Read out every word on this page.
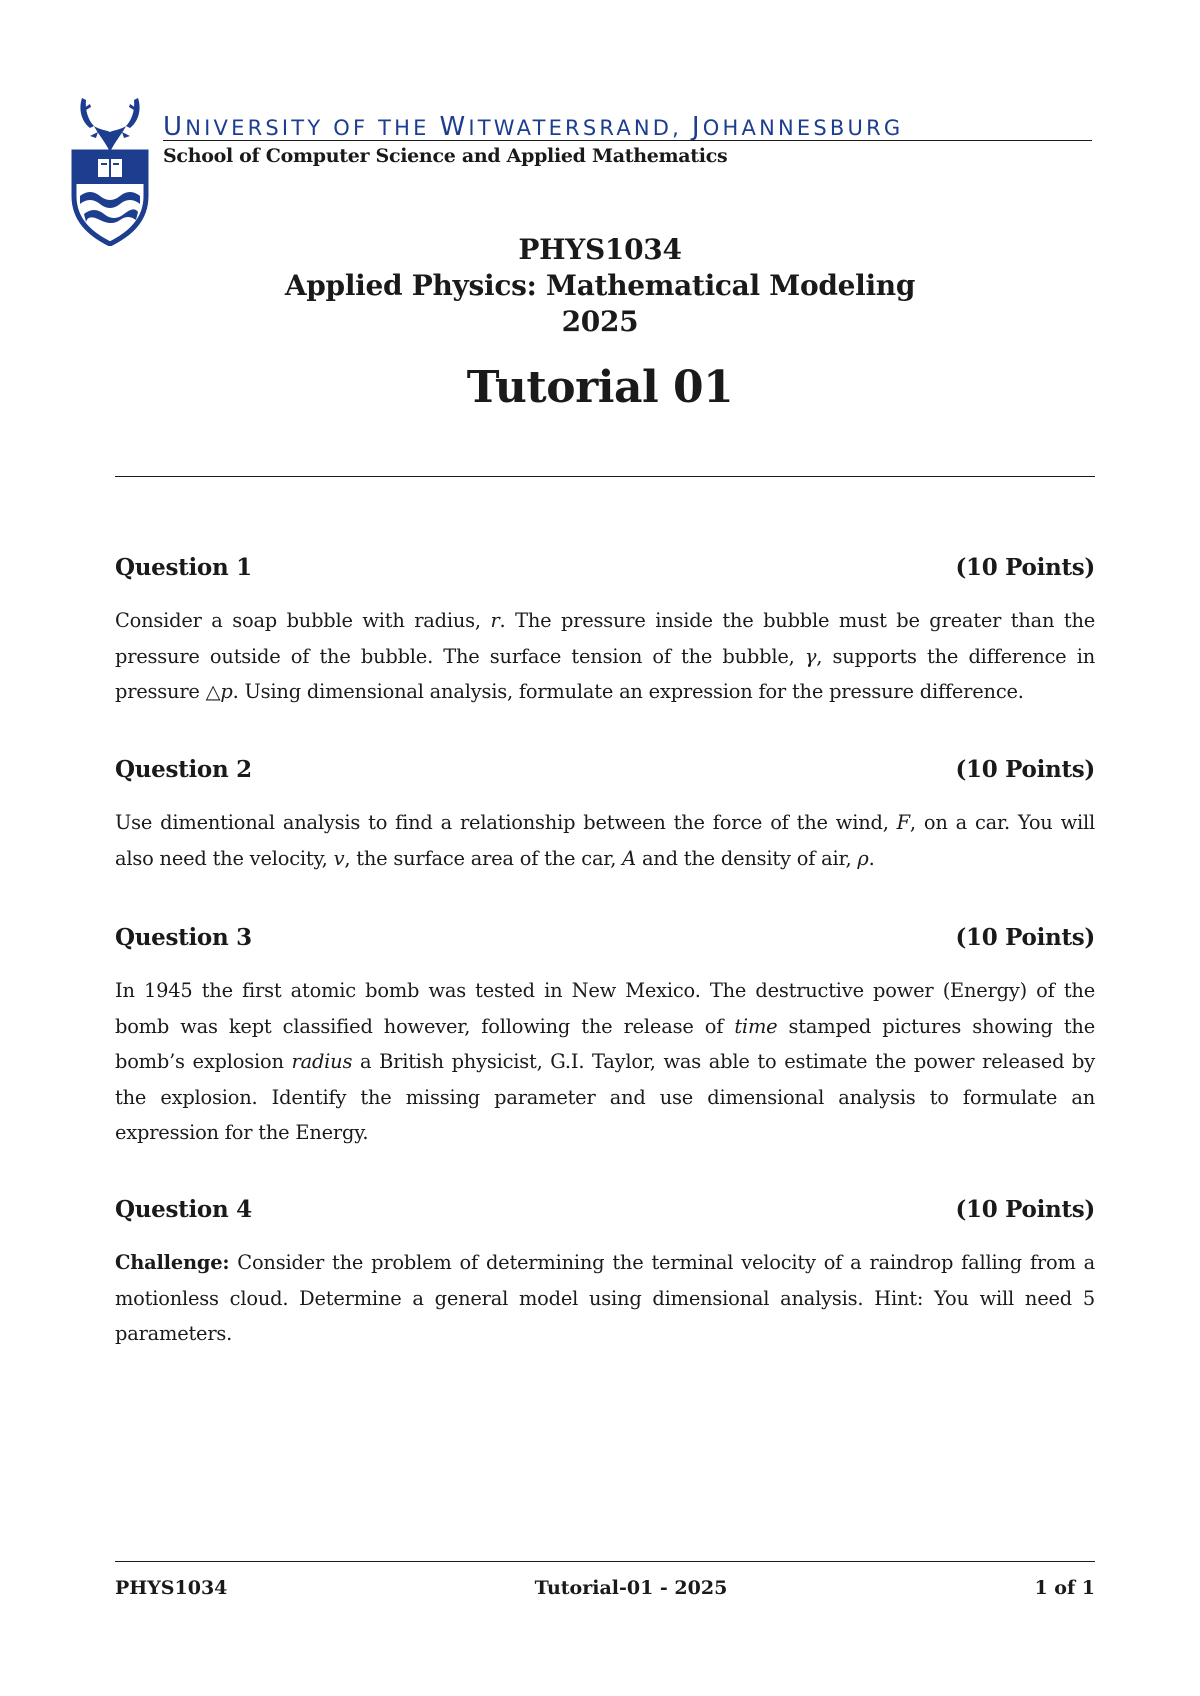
UNIVERSITY OF THE WITWATERSRAND, JOHANNESBURG
School of Computer Science and Applied Mathematics
PHYS1034
Applied Physics: Mathematical Modeling
2025
Tutorial 01
Question 1	(10 Points)
Consider a soap bubble with radius, r. The pressure inside the bubble must be greater than the pressure outside of the bubble. The surface tension of the bubble, γ, supports the difference in pressure △p. Using dimensional analysis, formulate an expression for the pressure difference.
Question 2	(10 Points)
Use dimentional analysis to find a relationship between the force of the wind, F, on a car. You will also need the velocity, v, the surface area of the car, A and the density of air, ρ.
Question 3	(10 Points)
In 1945 the first atomic bomb was tested in New Mexico. The destructive power (Energy) of the bomb was kept classified however, following the release of time stamped pictures showing the bomb’s explosion radius a British physicist, G.I. Taylor, was able to estimate the power released by the explosion. Identify the missing parameter and use dimensional analysis to formulate an expression for the Energy.
Question 4	(10 Points)
Challenge: Consider the problem of determining the terminal velocity of a raindrop falling from a motionless cloud. Determine a general model using dimensional analysis. Hint: You will need 5 parameters.
PHYS1034	Tutorial-01 - 2025	1 of 1
